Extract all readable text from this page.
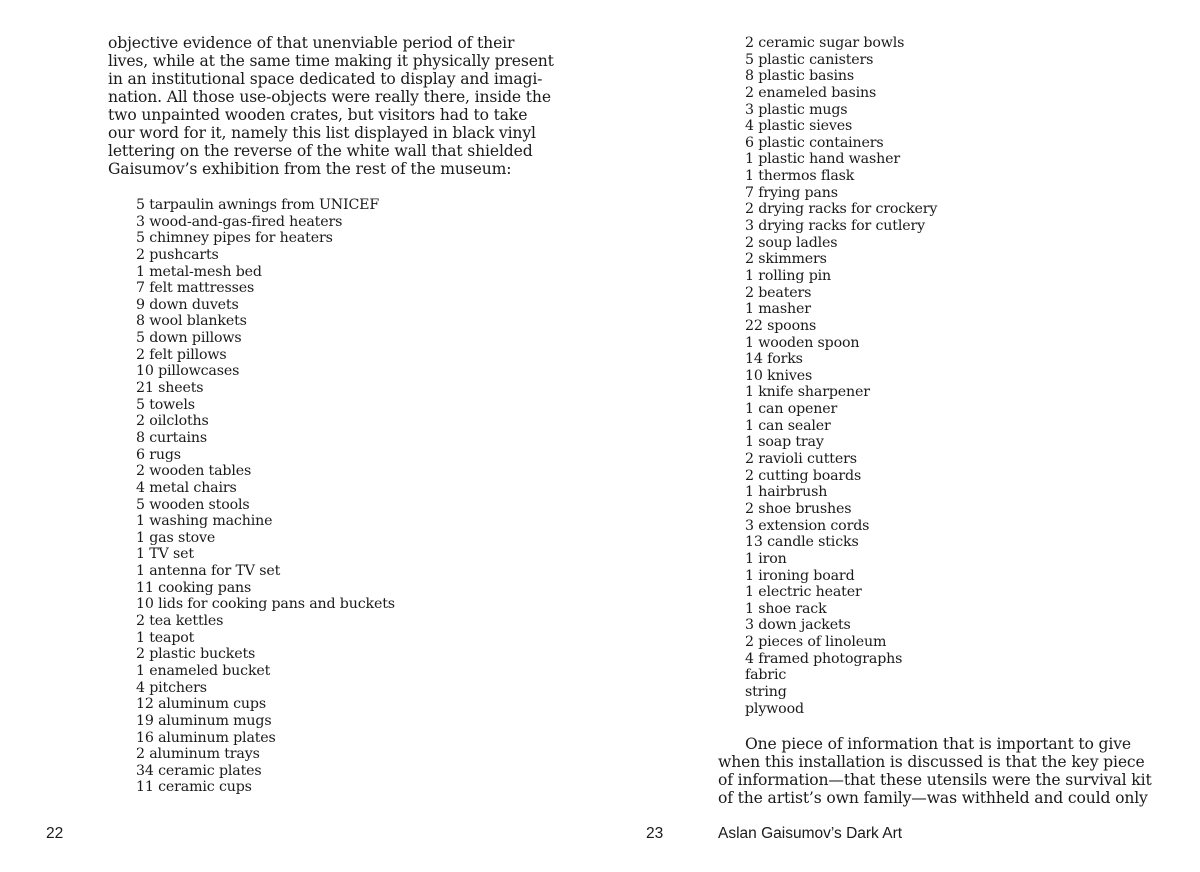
objective evidence of that unenviable period of their
lives, while at the same time making it physically present
in an institutional space dedicated to display and imagi-
nation. All those use-objects were really there, inside the
two unpainted wooden crates, but visitors had to take
our word for it, namely this list displayed in black vinyl
lettering on the reverse of the white wall that shielded
Gaisumov’s exhibition from the rest of the museum:
5 tarpaulin awnings from UNICEF
3 wood-and-gas-fired heaters
5 chimney pipes for heaters
2 pushcarts
1 metal-mesh bed
7 felt mattresses
9 down duvets
8 wool blankets
5 down pillows
2 felt pillows
10 pillowcases
21 sheets
5 towels
2 oilcloths
8 curtains
6 rugs
2 wooden tables
4 metal chairs
5 wooden stools
1 washing machine
1 gas stove
1 TV set
1 antenna for TV set
11 cooking pans
10 lids for cooking pans and buckets
2 tea kettles
1 teapot
2 plastic buckets
1 enameled bucket
4 pitchers
12 aluminum cups
19 aluminum mugs
16 aluminum plates
2 aluminum trays
34 ceramic plates
11 ceramic cups
22
2 ceramic sugar bowls
5 plastic canisters
8 plastic basins
2 enameled basins
3 plastic mugs
4 plastic sieves
6 plastic containers
1 plastic hand washer
1 thermos flask
7 frying pans
2 drying racks for crockery
3 drying racks for cutlery
2 soup ladles
2 skimmers
1 rolling pin
2 beaters
1 masher
22 spoons
1 wooden spoon
14 forks
10 knives
1 knife sharpener
1 can opener
1 can sealer
1 soap tray
2 ravioli cutters
2 cutting boards
1 hairbrush
2 shoe brushes
3 extension cords
13 candle sticks
1 iron
1 ironing board
1 electric heater
1 shoe rack
3 down jackets
2 pieces of linoleum
4 framed photographs
fabric
string
plywood
One piece of information that is important to give
when this installation is discussed is that the key piece
of information—that these utensils were the survival kit
of the artist’s own family—was withheld and could only
23	Aslan Gaisumov’s Dark Art
